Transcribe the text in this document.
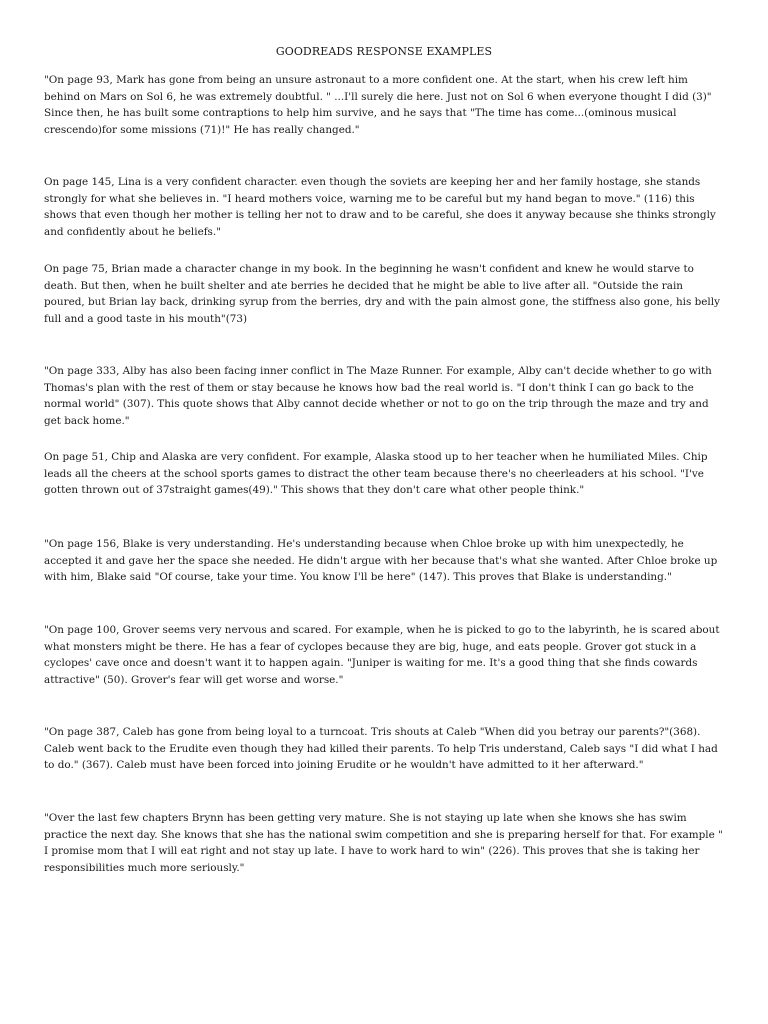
GOODREADS RESPONSE EXAMPLES

"On page 93, Mark has gone from being an unsure astronaut to a more confident one. At the start, when his crew left him behind on Mars on Sol 6, he was extremely doubtful. " ...I'll surely die here. Just not on Sol 6 when everyone thought I did (3)" Since then, he has built some contraptions to help him survive, and he says that "The time has come...(ominous musical crescendo)for some missions (71)!" He has really changed."

On page 145, Lina is a very confident character. even though the soviets are keeping her and her family hostage, she stands strongly for what she believes in. "I heard mothers voice, warning me to be careful but my hand began to move." (116) this shows that even though her mother is telling her not to draw and to be careful, she does it anyway because she thinks strongly and confidently about he beliefs."

On page 75, Brian made a character change in my book. In the beginning he wasn't confident and knew he would starve to death. But then, when he built shelter and ate berries he decided that he might be able to live after all. "Outside the rain poured, but Brian lay back, drinking syrup from the berries, dry and with the pain almost gone, the stiffness also gone, his belly full and a good taste in his mouth"(73)

"On page 333, Alby has also been facing inner conflict in The Maze Runner. For example, Alby can't decide whether to go with Thomas's plan with the rest of them or stay because he knows how bad the real world is. "I don't think I can go back to the normal world" (307). This quote shows that Alby cannot decide whether or not to go on the trip through the maze and try and get back home."

On page 51, Chip and Alaska are very confident. For example, Alaska stood up to her teacher when he humiliated Miles. Chip leads all the cheers at the school sports games to distract the other team because there's no cheerleaders at his school. "I've gotten thrown out of 37straight games(49)." This shows that they don't care what other people think."

"On page 156, Blake is very understanding. He's understanding because when Chloe broke up with him unexpectedly, he accepted it and gave her the space she needed. He didn't argue with her because that's what she wanted. After Chloe broke up with him, Blake said "Of course, take your time. You know I'll be here" (147). This proves that Blake is understanding."

"On page 100, Grover seems very nervous and scared. For example, when he is picked to go to the labyrinth, he is scared about what monsters might be there. He has a fear of cyclopes because they are big, huge, and eats people. Grover got stuck in a cyclopes' cave once and doesn't want it to happen again. "Juniper is waiting for me. It's a good thing that she finds cowards attractive" (50). Grover's fear will get worse and worse."

"On page 387, Caleb has gone from being loyal to a turncoat. Tris shouts at Caleb "When did you betray our parents?"(368). Caleb went back to the Erudite even though they had killed their parents. To help Tris understand, Caleb says "I did what I had to do." (367). Caleb must have been forced into joining Erudite or he wouldn't have admitted to it her afterward."

"Over the last few chapters Brynn has been getting very mature. She is not staying up late when she knows she has swim practice the next day. She knows that she has the national swim competition and she is preparing herself for that. For example " I promise mom that I will eat right and not stay up late. I have to work hard to win" (226). This proves that she is taking her responsibilities much more seriously."
